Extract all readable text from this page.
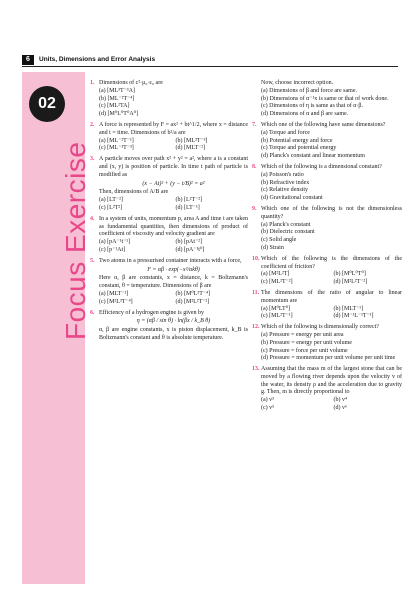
6	Units, Dimensions and Error Analysis
02
Focus Exercise
1. Dimensions of c²·μ₀·ε₀ are
(a) [ML³T⁻³A]
(b) [ML⁻²T⁻⁴]
(c) [ML²TA]
(d) [M⁰L⁰T⁰A⁰]
2. A force is represented by F = ax² + bt^1/2, where x = distance and t = time. Dimensions of b²/a are
(a) [ML⁻²T⁻¹]	(b) [ML³T⁻³]
(c) [ML⁻³T⁻³]	(d) [MLT⁻²]
3. A particle moves over path x² + y² = a², where a is a constant and (x, y) is position of particle. In time t path of particle is modified as
(x − At)² + (y − t/B)² = a²
Then, dimensions of A/B are
(a) [LT⁻²]	(b) [L²T⁻²]
(c) [L²T²]	(d) [LT⁻¹]
4. In a system of units, momentum p, area A and time t are taken as fundamental quantities, then dimensions of product of coefficient of viscosity and velocity gradient are
(a) [pA⁻¹t⁻¹]	(b) [pAt⁻²]
(c) [p⁻¹At]	(d) [pA⁻¹t⁰]
5. Two atoms in a pressurised container interacts with a force,
F = αβ · exp(−x²/αkθ)
Here α, β are constants, x = distance, k = Boltzmann's constant, θ = temperature. Dimensions of β are
(a) [MLT⁻²]	(b) [M⁰L²T⁻⁴]
(c) [M²L³T⁻⁴]	(d) [M²L²T⁻²]
6. Efficiency of a hydrogen engine is given by
η = (αβ / sin θ) · ln(βx / k_B θ)
α, β are engine constants, x is piston displacement, k_B is Boltzmann's constant and θ is absolute temperature.
Now, choose incorrect option.
(a) Dimensions of β and force are same.
(b) Dimensions of α⁻¹x is same or that of work done.
(c) Dimensions of η is same as that of α·β.
(d) Dimensions of α and β are same.
7. Which one of the following have same dimensions?
(a) Torque and force
(b) Potential energy and force
(c) Torque and potential energy
(d) Planck's constant and linear momentum
8. Which of the following is a dimensional constant?
(a) Poisson's ratio
(b) Refractive index
(c) Relative density
(d) Gravitational constant
9. Which one of the following is not the dimensionless quantity?
(a) Planck's constant
(b) Dielectric constant
(c) Solid angle
(d) Strain
10. Which of the following is the dimensions of the coefficient of friction?
(a) [M²L²T]	(b) [M⁰L⁰T⁰]
(c) [ML²T⁻²]	(d) [M²L²T⁻²]
11. The dimensions of the ratio of angular to linear momentum are
(a) [M⁰LT⁰]	(b) [MLT⁻¹]
(c) [ML²T⁻¹]	(d) [M⁻¹L⁻¹T⁻¹]
12. Which of the following is dimensionally correct?
(a) Pressure = energy per unit area
(b) Pressure = energy per unit volume
(c) Pressure = force per unit volume
(d) Pressure = momentum per unit volume per unit time
13. Assuming that the mass m of the largest stone that can be moved by a flowing river depends upon the velocity v of the water, its density ρ and the acceleration due to gravity g. Then, m is directly proportional to
(a) v³	(b) v⁴
(c) v⁵	(d) v⁶
